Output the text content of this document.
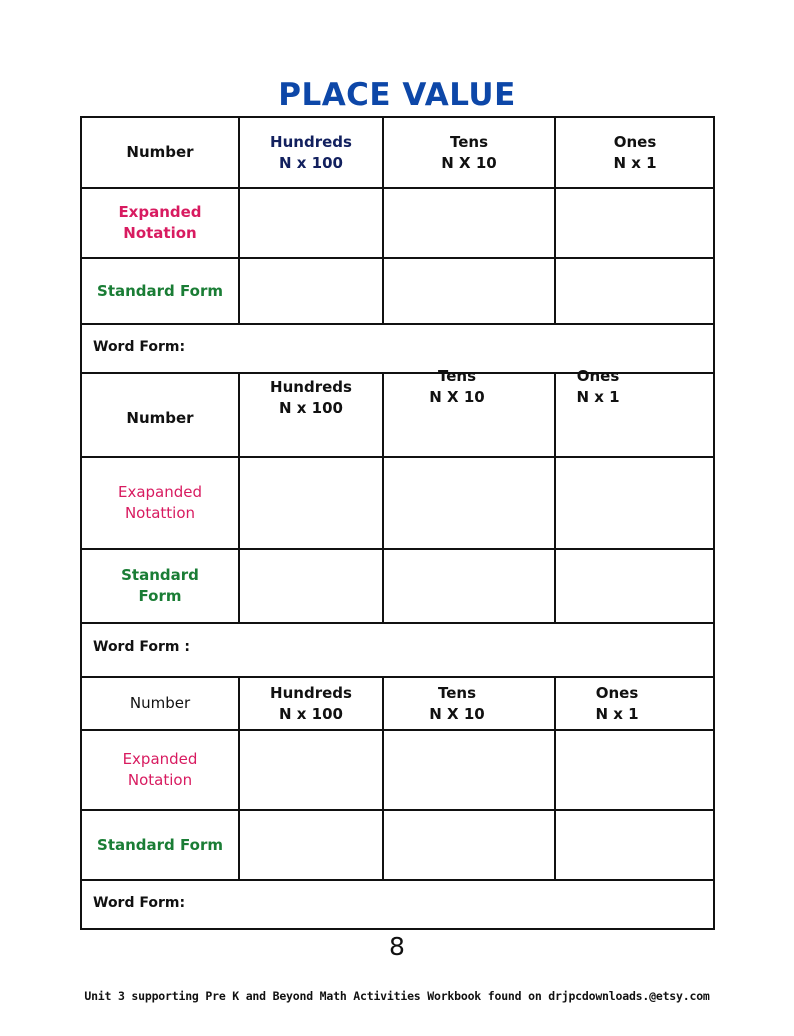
PLACE VALUE
Number
Hundreds
N x 100
Tens
N X 10
Ones
N x 1
Expanded
Notation
Standard Form
Word Form:
Number
Hundreds
N x 100
Tens
N X 10
Ones
N x 1
Exapanded
Notattion
Standard
Form
Word Form :
Number
Hundreds
N x 100
Tens
N X 10
Ones
N x 1
Expanded
Notation
Standard Form
Word Form:
8
Unit 3 supporting Pre K and Beyond Math Activities Workbook found on drjpcdownloads.@etsy.com
